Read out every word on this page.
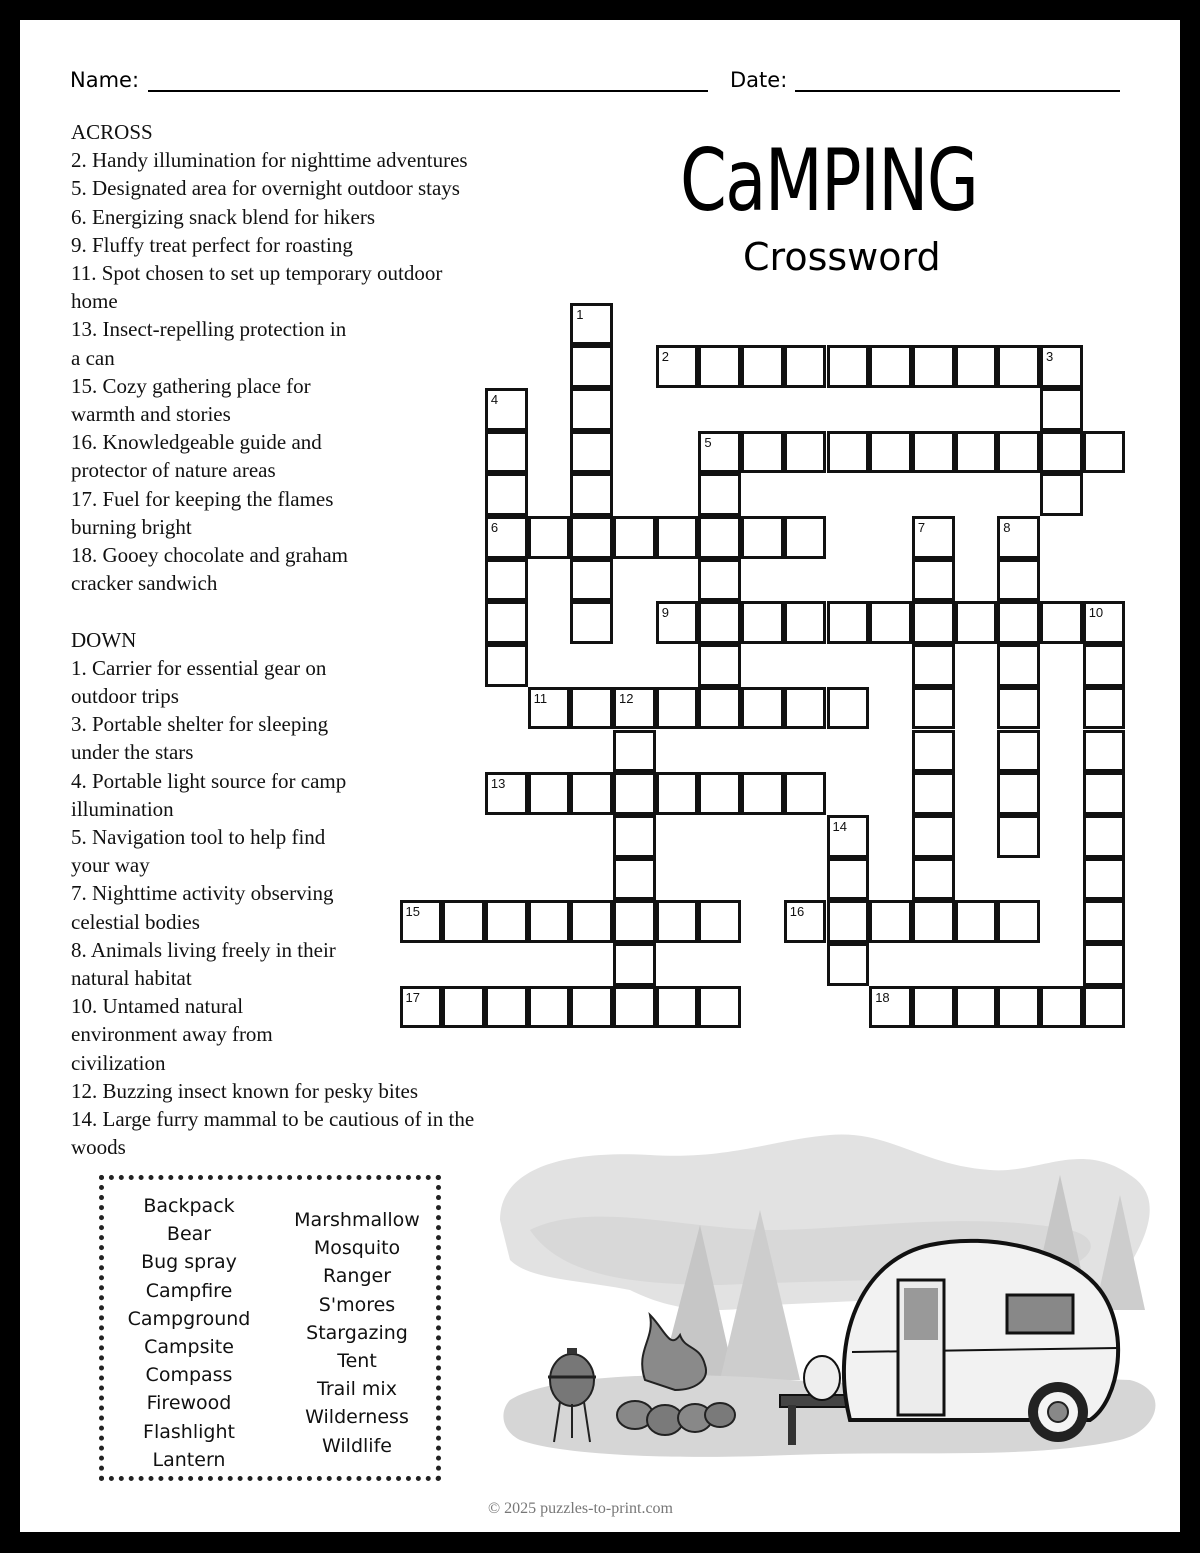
Name:	Date:
CaMPING
Crossword
ACROSS
2. Handy illumination for nighttime adventures
5. Designated area for overnight outdoor stays
6. Energizing snack blend for hikers
9. Fluffy treat perfect for roasting
11. Spot chosen to set up temporary outdoor
home
13. Insect-repelling protection in
a can
15. Cozy gathering place for
warmth and stories
16. Knowledgeable guide and
protector of nature areas
17. Fuel for keeping the flames
burning bright
18. Gooey chocolate and graham
cracker sandwich
DOWN
1. Carrier for essential gear on
outdoor trips
3. Portable shelter for sleeping
under the stars
4. Portable light source for camp
illumination
5. Navigation tool to help find
your way
7. Nighttime activity observing
celestial bodies
8. Animals living freely in their
natural habitat
10. Untamed natural
environment away from
civilization
12. Buzzing insect known for pesky bites
14. Large furry mammal to be cautious of in the
woods
1
2	3
4
6
5
7	8
9	10
11	12
13
14
15	16
17	18
Backpack
Bear
Bug spray
Campfire
Campground
Campsite
Compass
Firewood
Flashlight
Lantern
Marshmallow
Mosquito
Ranger
S'mores
Stargazing
Tent
Trail mix
Wilderness
Wildlife
© 2025 puzzles-to-print.com
